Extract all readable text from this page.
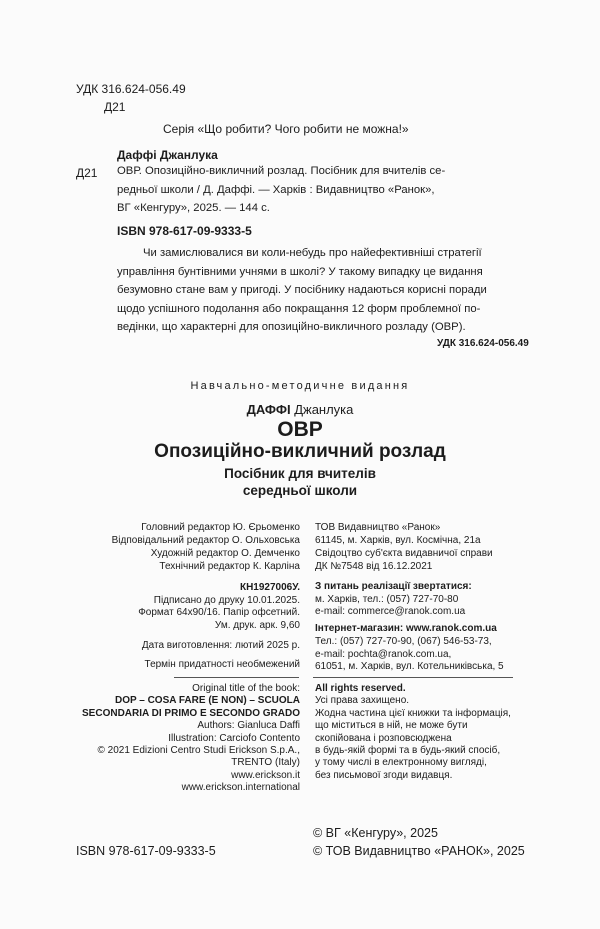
УДК 316.624-056.49
Д21
Серія «Що робити? Чого робити не можна!»
Даффі Джанлука
Д21 ОВР. Опозиційно-викличний розлад. Посібник для вчителів се-
редньої школи / Д. Даффі. — Харків : Видавництво «Ранок»,
ВГ «Кенгуру», 2025. — 144 с.
ISBN 978-617-09-9333-5
Чи замислювалися ви коли-небудь про найефективніші стратегії
управління бунтівними учнями в школі? У такому випадку це видання
безумовно стане вам у пригоді. У посібнику надаються корисні поради
щодо успішного подолання або покращання 12 форм проблемної по-
ведінки, що характерні для опозиційно-викличного розладу (ОВР).
УДК 316.624-056.49
Навчально-методичне видання
ДАФФІ Джанлука
ОВР
Опозиційно-викличний розлад
Посібник для вчителів
середньої школи
Головний редактор Ю. Єрьоменко
Відповідальний редактор О. Ольховська
Художній редактор О. Демченко
Технічний редактор К. Карліна
КН1927006У.
Підписано до друку 10.01.2025.
Формат 64х90/16. Папір офсетний.
Ум. друк. арк. 9,60
Дата виготовлення: лютий 2025 р.
Термін придатності необмежений
ТОВ Видавництво «Ранок»
61145, м. Харків, вул. Космічна, 21а
Свідоцтво суб'єкта видавничої справи
ДК №7548 від 16.12.2021
З питань реалізації звертатися:
м. Харків, тел.: (057) 727-70-80
e-mail: commerce@ranok.com.ua
Інтернет-магазин: www.ranok.com.ua
Тел.: (057) 727-70-90, (067) 546-53-73,
e-mail: pochta@ranok.com.ua,
61051, м. Харків, вул. Котельниківська, 5
Original title of the book:
DOP – COSA FARE (E NON) – SCUOLA
SECONDARIA DI PRIMO E SECONDO GRADO
Authors: Gianluca Daffi
Illustration: Carciofo Contento
© 2021 Edizioni Centro Studi Erickson S.p.A.,
TRENTO (Italy)
www.erickson.it
www.erickson.international
All rights reserved.
Усі права захищено.
Жодна частина цієї книжки та інформація,
що міститься в ній, не може бути
скопійована і розповсюджена
в будь-якій формі та в будь-який спосіб,
у тому числі в електронному вигляді,
без письмової згоди видавця.
© ВГ «Кенгуру», 2025
ISBN 978-617-09-9333-5	© ТОВ Видавництво «РАНОК», 2025
